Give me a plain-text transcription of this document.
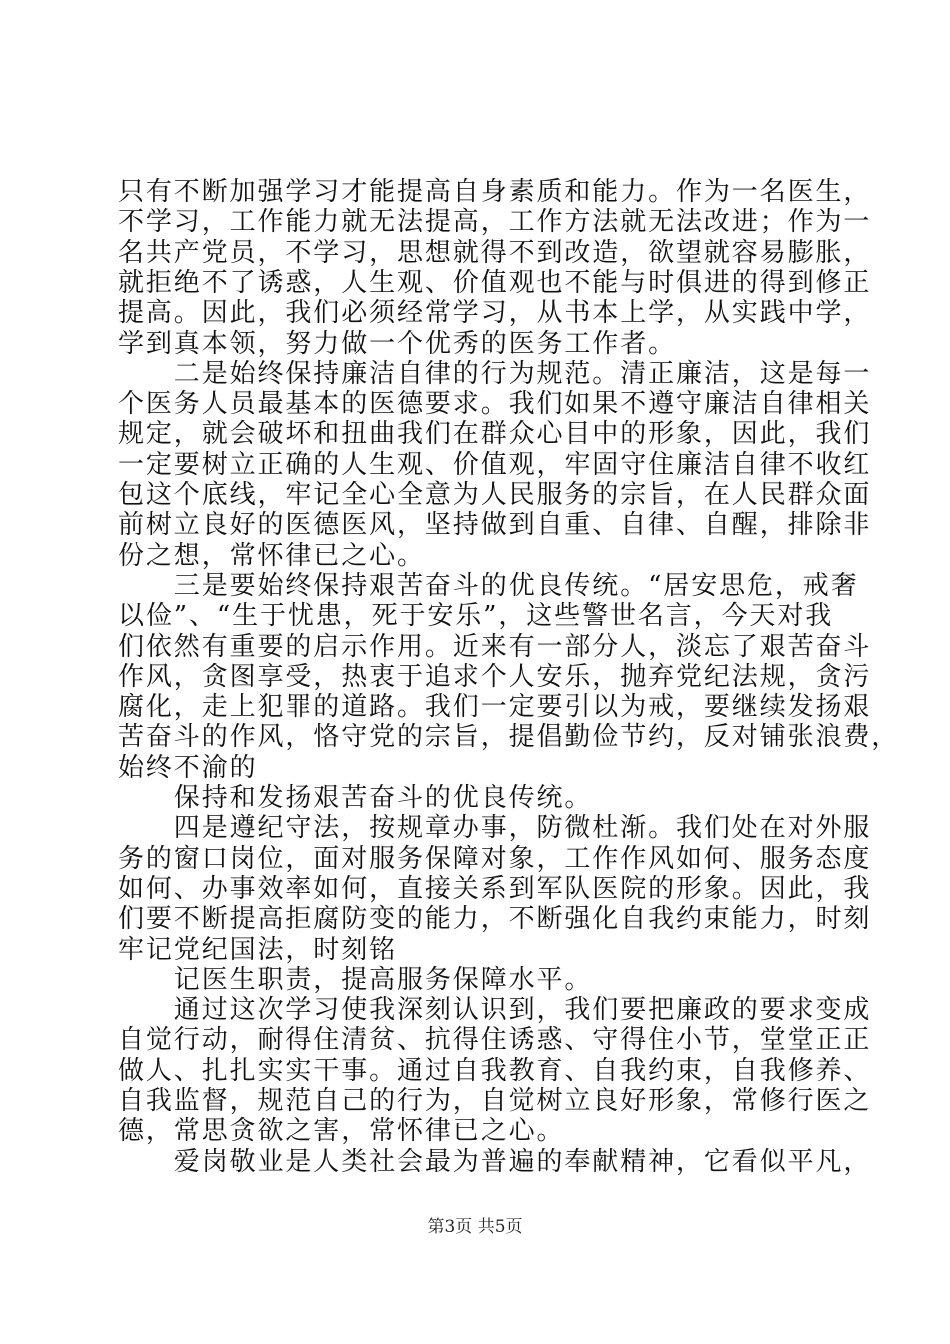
只有不断加强学习才能提高自身素质和能力。作为一名医生，
不学习，工作能力就无法提高，工作方法就无法改进；作为一
名共产党员，不学习，思想就得不到改造，欲望就容易膨胀，
就拒绝不了诱惑，人生观、价值观也不能与时俱进的得到修正
提高。因此，我们必须经常学习，从书本上学，从实践中学，
学到真本领，努力做一个优秀的医务工作者。
　　二是始终保持廉洁自律的行为规范。清正廉洁，这是每一
个医务人员最基本的医德要求。我们如果不遵守廉洁自律相关
规定，就会破坏和扭曲我们在群众心目中的形象，因此，我们
一定要树立正确的人生观、价值观，牢固守住廉洁自律不收红
包这个底线，牢记全心全意为人民服务的宗旨，在人民群众面
前树立良好的医德医风，坚持做到自重、自律、自醒，排除非
份之想，常怀律已之心。
　　三是要始终保持艰苦奋斗的优良传统。“居安思危，戒奢
以俭”、“生于忧患，死于安乐”，这些警世名言，今天对我
们依然有重要的启示作用。近来有一部分人，淡忘了艰苦奋斗
作风，贪图享受，热衷于追求个人安乐，抛弃党纪法规，贪污
腐化，走上犯罪的道路。我们一定要引以为戒，要继续发扬艰
苦奋斗的作风，恪守党的宗旨，提倡勤俭节约，反对铺张浪费，
始终不渝的
　　保持和发扬艰苦奋斗的优良传统。
　　四是遵纪守法，按规章办事，防微杜渐。我们处在对外服
务的窗口岗位，面对服务保障对象，工作作风如何、服务态度
如何、办事效率如何，直接关系到军队医院的形象。因此，我
们要不断提高拒腐防变的能力，不断强化自我约束能力，时刻
牢记党纪国法，时刻铭
　　记医生职责，提高服务保障水平。
　　通过这次学习使我深刻认识到，我们要把廉政的要求变成
自觉行动，耐得住清贫、抗得住诱惑、守得住小节，堂堂正正
做人、扎扎实实干事。通过自我教育、自我约束，自我修养、
自我监督，规范自己的行为，自觉树立良好形象，常修行医之
德，常思贪欲之害，常怀律已之心。
　　爱岗敬业是人类社会最为普遍的奉献精神，它看似平凡，
第3页 共5页
